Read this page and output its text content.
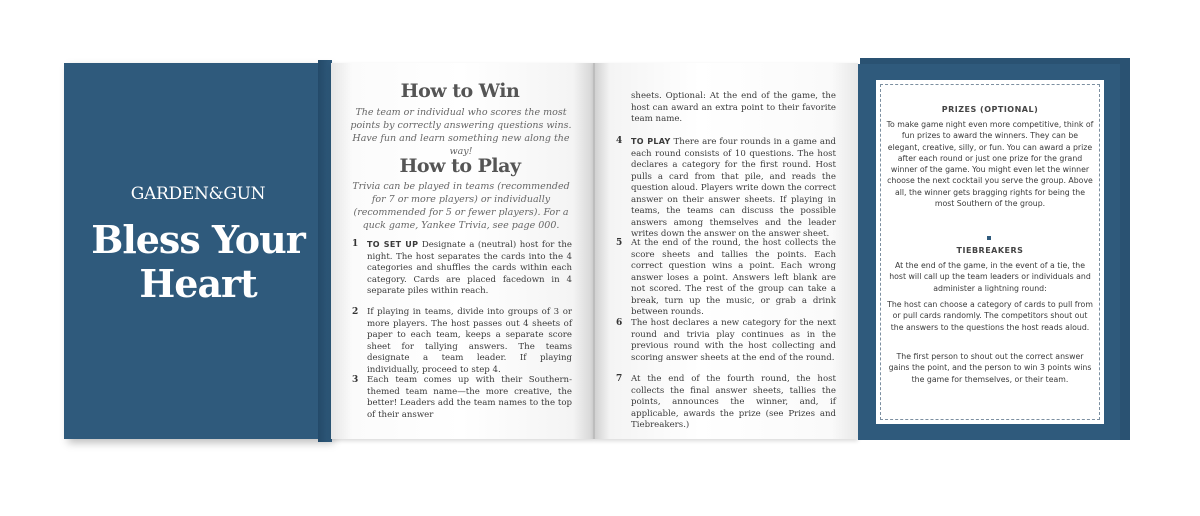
GARDEN&GUN
Bless Your
Heart
How to Win
The team or individual who scores the most points by correctly answering questions wins. Have fun and learn something new along the way!
How to Play
Trivia can be played in teams (recommended for 7 or more players) or individually (recommended for 5 or fewer players). For a quck game, Yankee Trivia, see page 000.
1 TO SET UP Designate a (neutral) host for the night. The host separates the cards into the 4 categories and shuffles the cards within each category. Cards are placed facedown in 4 separate piles within reach.
2 If playing in teams, divide into groups of 3 or more players. The host passes out 4 sheets of paper to each team, keeps a separate score sheet for tallying answers. The teams designate a team leader. If playing individually, proceed to step 4.
3 Each team comes up with their Southern-themed team name—the more creative, the better! Leaders add the team names to the top of their answer
sheets. Optional: At the end of the game, the host can award an extra point to their favorite team name.
4 TO PLAY There are four rounds in a game and each round consists of 10 questions. The host declares a category for the first round. Host pulls a card from that pile, and reads the question aloud. Players write down the correct answer on their answer sheets. If playing in teams, the teams can discuss the possible answers among themselves and the leader writes down the answer on the answer sheet.
5 At the end of the round, the host collects the score sheets and tallies the points. Each correct question wins a point. Each wrong answer loses a point. Answers left blank are not scored. The rest of the group can take a break, turn up the music, or grab a drink between rounds.
6 The host declares a new category for the next round and trivia play continues as in the previous round with the host collecting and scoring answer sheets at the end of the round.
7 At the end of the fourth round, the host collects the final answer sheets, tallies the points, announces the winner, and, if applicable, awards the prize (see Prizes and Tiebreakers.)
PRIZES (OPTIONAL)
To make game night even more competitive, think of fun prizes to award the winners. They can be elegant, creative, silly, or fun. You can award a prize after each round or just one prize for the grand winner of the game. You might even let the winner choose the next cocktail you serve the group. Above all, the winner gets bragging rights for being the most Southern of the group.
TIEBREAKERS
At the end of the game, in the event of a tie, the host will call up the team leaders or individuals and administer a lightning round:
The host can choose a category of cards to pull from or pull cards randomly. The competitors shout out the answers to the questions the host reads aloud.
The first person to shout out the correct answer gains the point, and the person to win 3 points wins the game for themselves, or their team.
